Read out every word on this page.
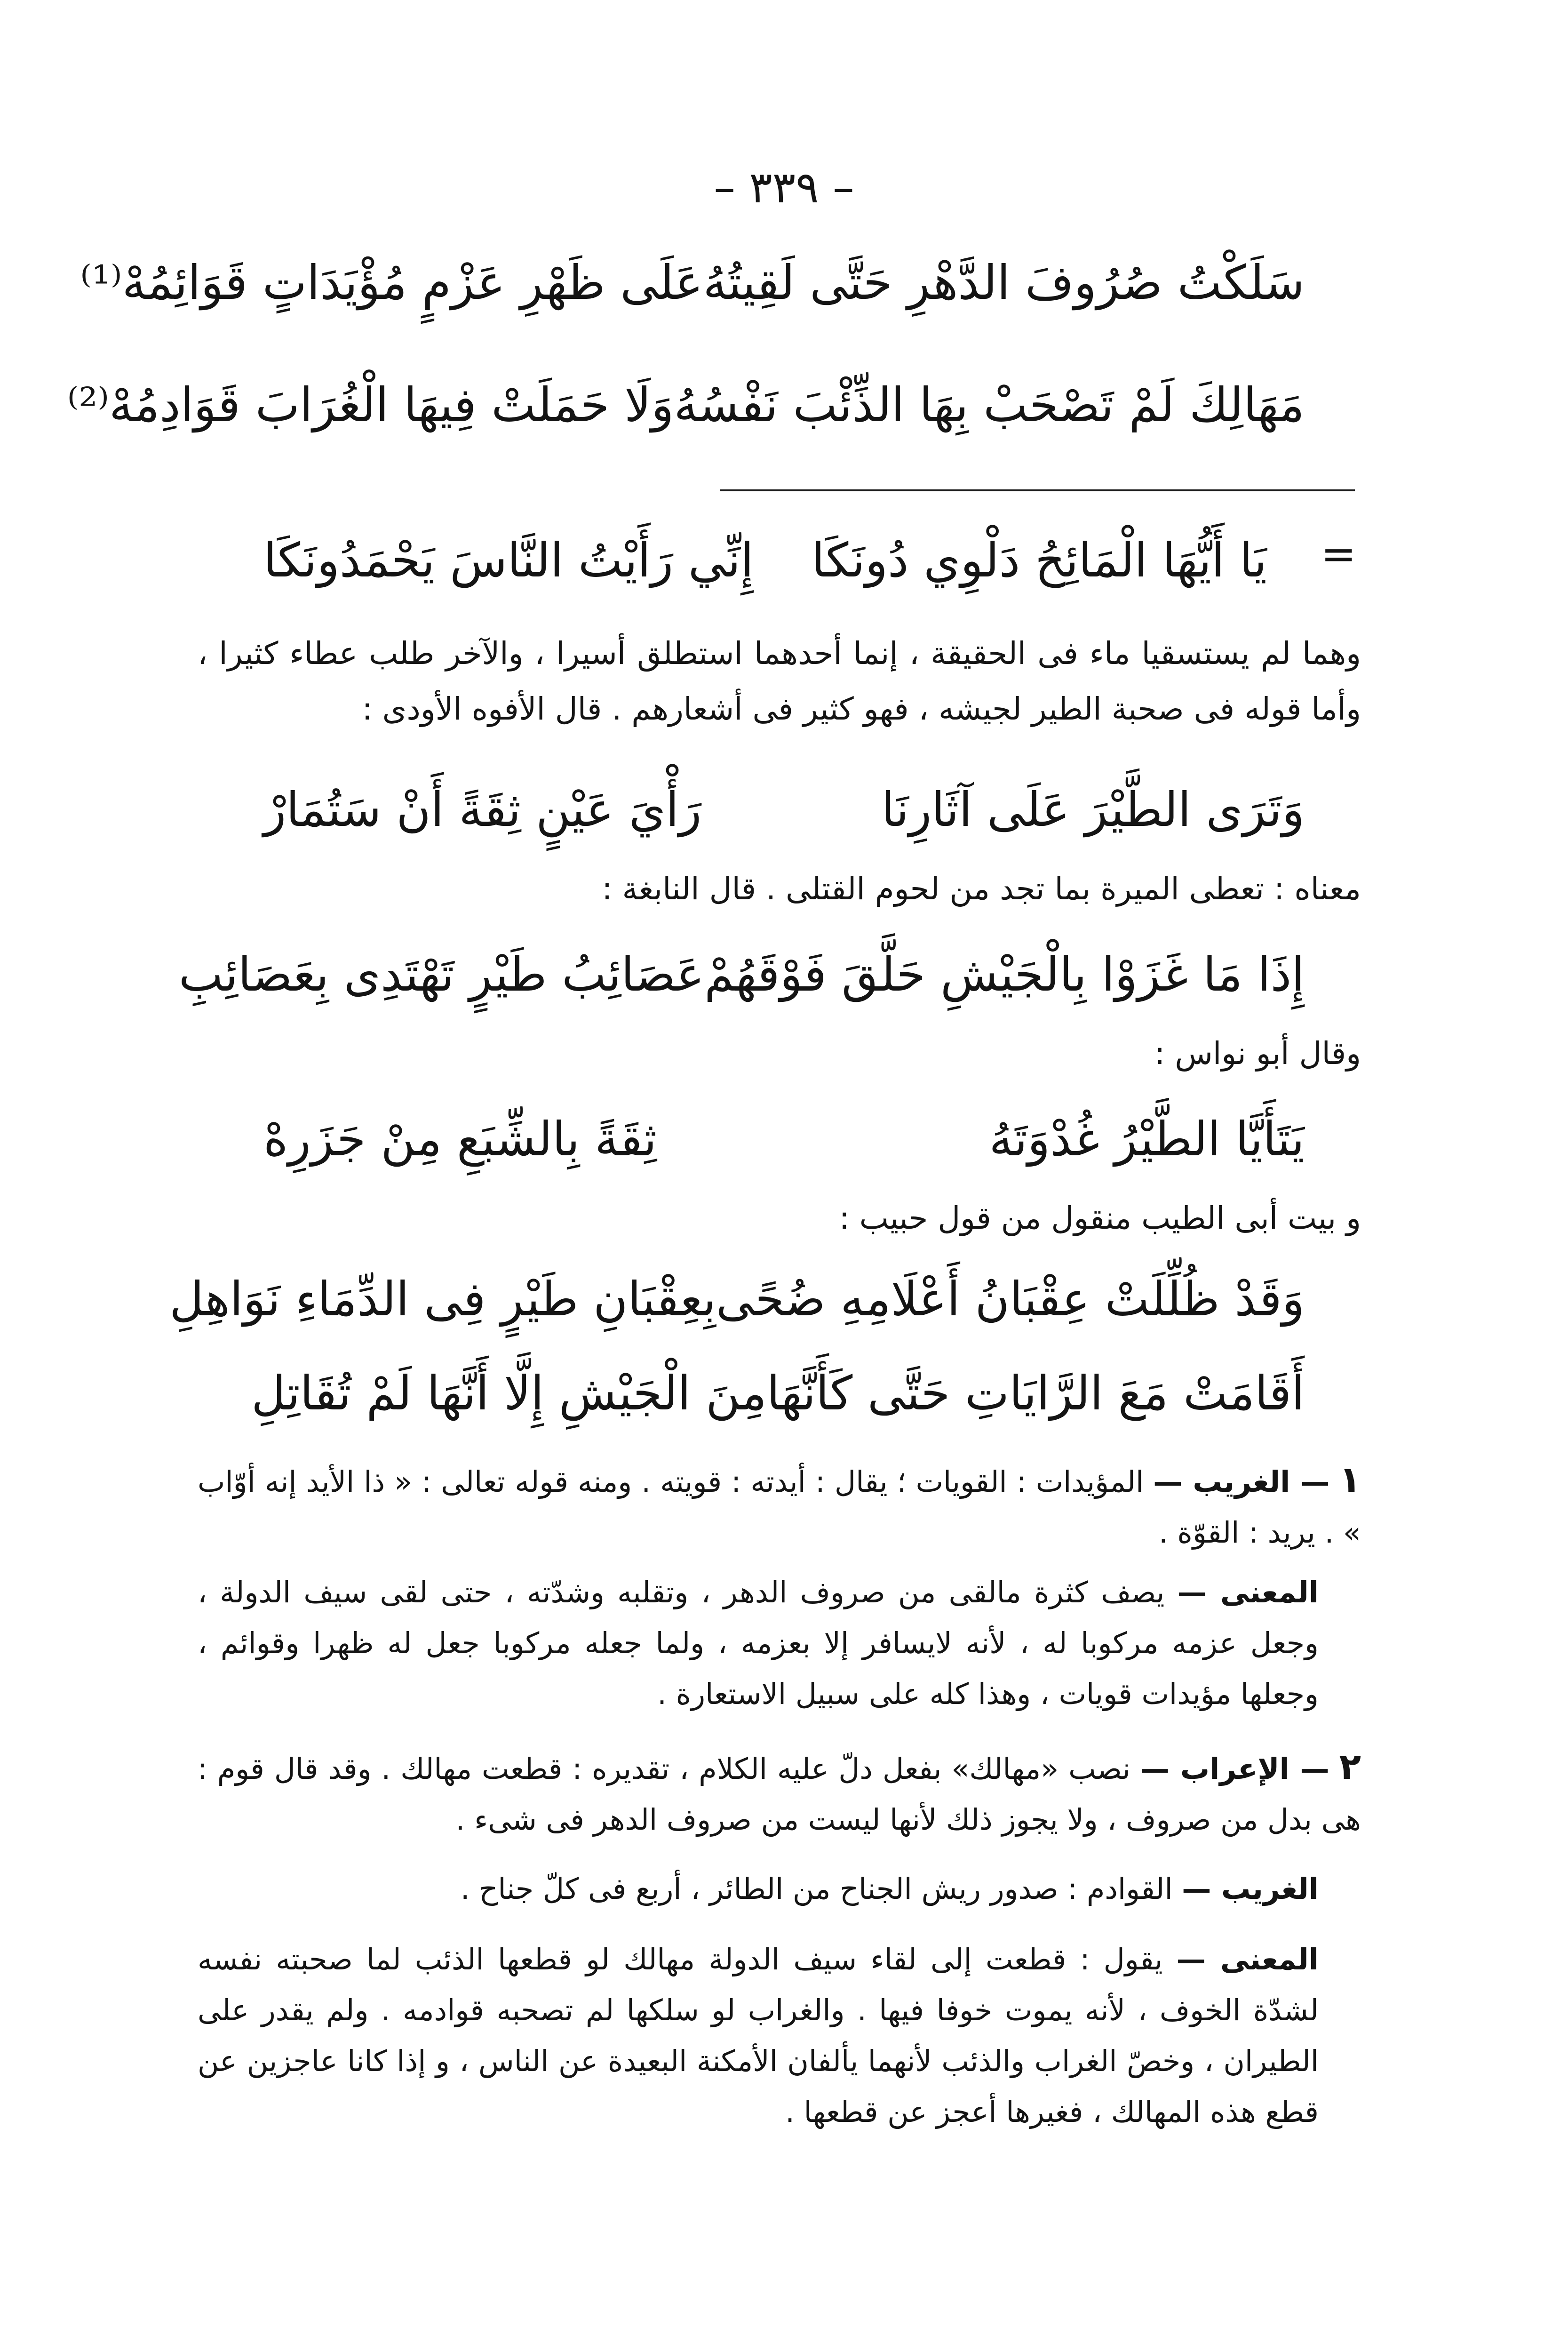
– ٣٣٩ –
سَلَكْتُ صُرُوفَ الدَّهْرِ حَتَّى لَقِيتُهُ
عَلَى ظَهْرِ عَزْمٍ مُؤْيَدَاتٍ قَوَائِمُهْ⁽¹⁾
مَهَالِكَ لَمْ تَصْحَبْ بِهَا الذِّئْبَ نَفْسُهُ
وَلَا حَمَلَتْ فِيهَا الْغُرَابَ قَوَادِمُهْ⁽²⁾
=
يَا أَيُّهَا الْمَائِحُ دَلْوِي دُونَكَا
إِنِّي رَأَيْتُ النَّاسَ يَحْمَدُونَكَا
وهما لم يستسقيا ماء فى الحقيقة ، إنما أحدهما استطلق أسيرا ، والآخر طلب عطاء كثيرا ، وأما قوله فى صحبة الطير لجيشه ، فهو كثير فى أشعارهم . قال الأفوه الأودى :
وَتَرَى الطَّيْرَ عَلَى آثَارِنَا
رَأْيَ عَيْنٍ ثِقَةً أَنْ سَتُمَارْ
معناه : تعطى الميرة بما تجد من لحوم القتلى . قال النابغة :
إِذَا مَا غَزَوْا بِالْجَيْشِ حَلَّقَ فَوْقَهُمْ
عَصَائِبُ طَيْرٍ تَهْتَدِى بِعَصَائِبِ
وقال أبو نواس :
يَتَأَيَّا الطَّيْرُ غُدْوَتَهُ
ثِقَةً بِالشِّبَعِ مِنْ جَزَرِهْ
و بيت أبى الطيب منقول من قول حبيب :
وَقَدْ ظُلِّلَتْ عِقْبَانُ أَعْلَامِهِ ضُحًى
بِعِقْبَانِ طَيْرٍ فِى الدِّمَاءِ نَوَاهِلِ
أَقَامَتْ مَعَ الرَّايَاتِ حَتَّى كَأَنَّهَا
مِنَ الْجَيْشِ إِلَّا أَنَّهَا لَمْ تُقَاتِلِ
١ — الغريب — المؤيدات : القويات ؛ يقال : أيدته : قويته . ومنه قوله تعالى : « ذا الأيد إنه أوّاب » . يريد : القوّة .
المعنى — يصف كثرة مالقى من صروف الدهر ، وتقلبه وشدّته ، حتى لقى سيف الدولة ، وجعل عزمه مركوبا له ، لأنه لايسافر إلا بعزمه ، ولما جعله مركوبا جعل له ظهرا وقوائم ، وجعلها مؤيدات قويات ، وهذا كله على سبيل الاستعارة .
٢ — الإعراب — نصب «مهالك» بفعل دلّ عليه الكلام ، تقديره : قطعت مهالك . وقد قال قوم : هى بدل من صروف ، ولا يجوز ذلك لأنها ليست من صروف الدهر فى شىء .
الغريب — القوادم : صدور ريش الجناح من الطائر ، أربع فى كلّ جناح .
المعنى — يقول : قطعت إلى لقاء سيف الدولة مهالك لو قطعها الذئب لما صحبته نفسه لشدّة الخوف ، لأنه يموت خوفا فيها . والغراب لو سلكها لم تصحبه قوادمه . ولم يقدر على الطيران ، وخصّ الغراب والذئب لأنهما يألفان الأمكنة البعيدة عن الناس ، و إذا كانا عاجزين عن قطع هذه المهالك ، فغيرها أعجز عن قطعها .
